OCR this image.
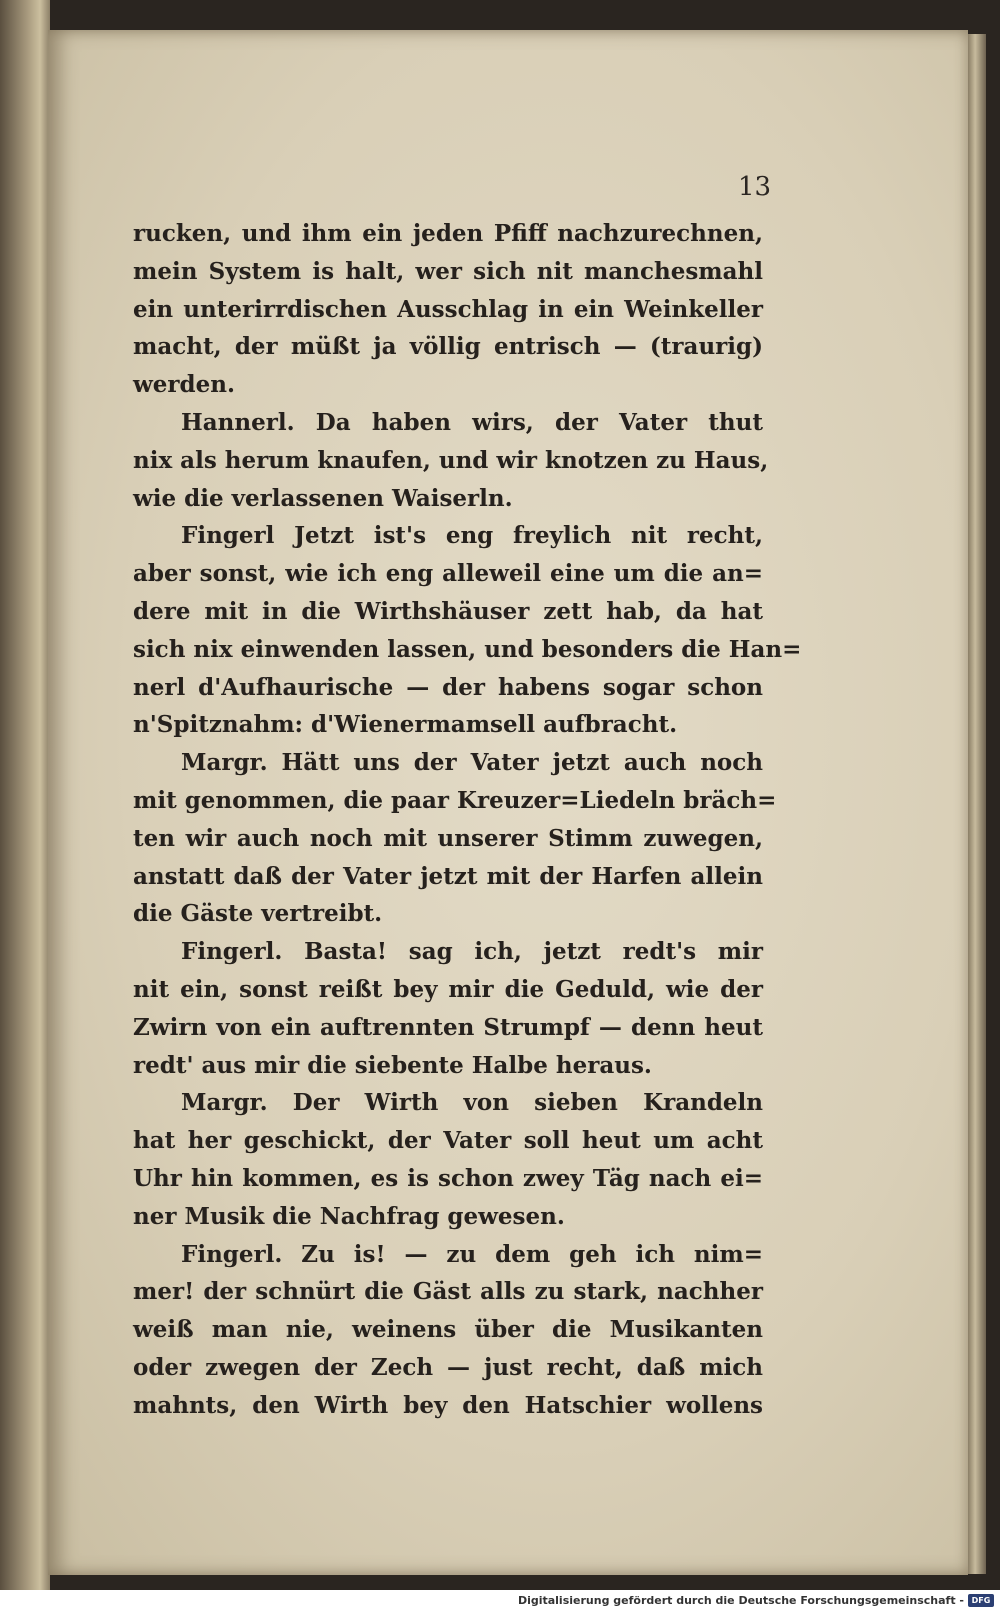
13
rucken, und ihm ein jeden Pfiff nachzurechnen,
mein System is halt, wer sich nit manchesmahl
ein unterirrdischen Ausschlag in ein Weinkeller
macht, der müßt ja völlig entrisch — (traurig)
werden.
Hannerl. Da haben wirs, der Vater thut
nix als herum knaufen, und wir knotzen zu Haus,
wie die verlassenen Waiserln.
Fingerl Jetzt ist's eng freylich nit recht,
aber sonst, wie ich eng alleweil eine um die an=
dere mit in die Wirthshäuser zett hab, da hat
sich nix einwenden lassen, und besonders die Han=
nerl d'Aufhaurische — der habens sogar schon
n'Spitznahm: d'Wienermamsell aufbracht.
Margr. Hätt uns der Vater jetzt auch noch
mit genommen, die paar Kreuzer=Liedeln bräch=
ten wir auch noch mit unserer Stimm zuwegen,
anstatt daß der Vater jetzt mit der Harfen allein
die Gäste vertreibt.
Fingerl. Basta! sag ich, jetzt redt's mir
nit ein, sonst reißt bey mir die Geduld, wie der
Zwirn von ein auftrennten Strumpf — denn heut
redt' aus mir die siebente Halbe heraus.
Margr. Der Wirth von sieben Krandeln
hat her geschickt, der Vater soll heut um acht
Uhr hin kommen, es is schon zwey Täg nach ei=
ner Musik die Nachfrag gewesen.
Fingerl. Zu is! — zu dem geh ich nim=
mer! der schnürt die Gäst alls zu stark, nachher
weiß man nie, weinens über die Musikanten
oder zwegen der Zech — just recht, daß mich
mahnts, den Wirth bey den Hatschier wollens
Digitalisierung gefördert durch die Deutsche Forschungsgemeinschaft - DFG
